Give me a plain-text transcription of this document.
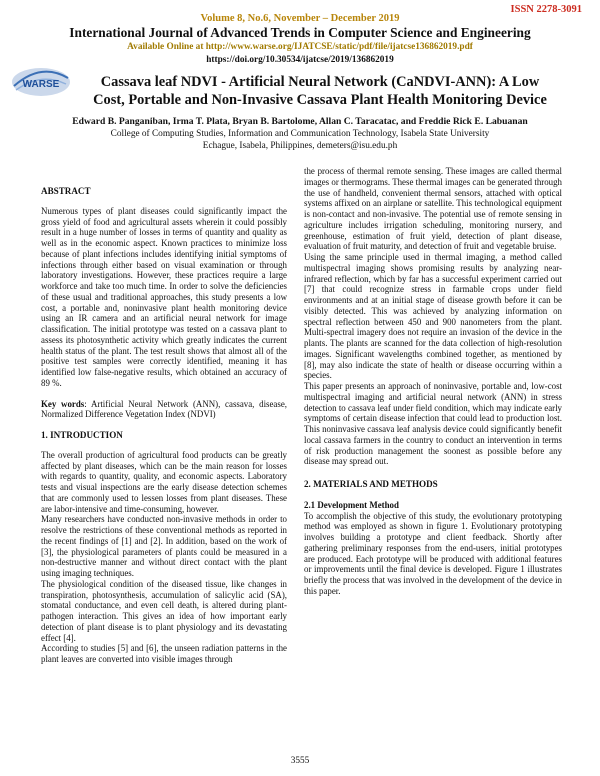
ISSN 2278-3091
Volume 8, No.6, November – December 2019
International Journal of Advanced Trends in Computer Science and Engineering
Available Online at http://www.warse.org/IJATCSE/static/pdf/file/ijatcse136862019.pdf
https://doi.org/10.30534/ijatcse/2019/136862019
WARSE	Cassava leaf NDVI - Artificial Neural Network (CaNDVI-ANN): A Low
Cost, Portable and Non-Invasive Cassava Plant Health Monitoring Device
Edward B. Panganiban, Irma T. Plata, Bryan B. Bartolome, Allan C. Taracatac, and Freddie Rick E. Labuanan
College of Computing Studies, Information and Communication Technology, Isabela State University
Echague, Isabela, Philippines, demeters@isu.edu.ph

ABSTRACT

Numerous types of plant diseases could significantly impact the gross yield of food and agricultural assets wherein it could possibly result in a huge number of losses in terms of quantity and quality as well as in the economic aspect. Known practices to minimize loss because of plant infections includes identifying initial symptoms of infections through either based on visual examination or through laboratory investigations. However, these practices require a large workforce and take too much time. In order to solve the deficiencies of these usual and traditional approaches, this study presents a low cost, a portable and, noninvasive plant health monitoring device using an IR camera and an artificial neural network for image classification. The initial prototype was tested on a cassava plant to assess its photosynthetic activity which greatly indicates the current health status of the plant. The test result shows that almost all of the positive test samples were correctly identified, meaning it has identified low false-negative results, which obtained an accuracy of 89 %.

Key words: Artificial Neural Network (ANN), cassava, disease, Normalized Difference Vegetation Index (NDVI)

1. INTRODUCTION

The overall production of agricultural food products can be greatly affected by plant diseases, which can be the main reason for losses with regards to quantity, quality, and economic aspects. Laboratory tests and visual inspections are the early disease detection schemes that are commonly used to lessen losses from plant diseases. These are labor-intensive and time-consuming, however.

Many researchers have conducted non-invasive methods in order to resolve the restrictions of these conventional methods as reported in the recent findings of [1] and [2]. In addition, based on the work of [3], the physiological parameters of plants could be measured in a non-destructive manner and without direct contact with the plant using imaging techniques.

The physiological condition of the diseased tissue, like changes in transpiration, photosynthesis, accumulation of salicylic acid (SA), stomatal conductance, and even cell death, is altered during plant-pathogen interaction. This gives an idea of how important early detection of plant disease is to plant physiology and its devastating effect [4].

According to studies [5] and [6], the unseen radiation patterns in the plant leaves are converted into visible images through

the process of thermal remote sensing. These images are called thermal images or thermograms. These thermal images can be generated through the use of handheld, convenient thermal sensors, attached with optical systems affixed on an airplane or satellite. This technological equipment is non-contact and non-invasive. The potential use of remote sensing in agriculture includes irrigation scheduling, monitoring nursery, and greenhouse, estimation of fruit yield, detection of plant disease, evaluation of fruit maturity, and detection of fruit and vegetable bruise.

Using the same principle used in thermal imaging, a method called multispectral imaging shows promising results by analyzing near-infrared reflection, which by far has a successful experiment carried out [7] that could recognize stress in farmable crops under field environments and at an initial stage of disease growth before it can be visibly detected. This was achieved by analyzing information on spectral reflection between 450 and 900 nanometers from the plant. Multi-spectral imagery does not require an invasion of the device in the plants. The plants are scanned for the data collection of high-resolution images. Significant wavelengths combined together, as mentioned by [8], may also indicate the state of health or disease occurring within a species.

This paper presents an approach of noninvasive, portable and, low-cost multispectral imaging and artificial neural network (ANN) in stress detection to cassava leaf under field condition, which may indicate early symptoms of certain disease infection that could lead to production lost. This noninvasive cassava leaf analysis device could significantly benefit local cassava farmers in the country to conduct an intervention in terms of risk production management the soonest as possible before any disease may spread out.

2. MATERIALS AND METHODS

2.1 Development Method

To accomplish the objective of this study, the evolutionary prototyping method was employed as shown in figure 1. Evolutionary prototyping involves building a prototype and client feedback. Shortly after gathering preliminary responses from the end-users, initial prototypes are produced. Each prototype will be produced with additional features or improvements until the final device is developed. Figure 1 illustrates briefly the process that was involved in the development of the device in this paper.

3555
